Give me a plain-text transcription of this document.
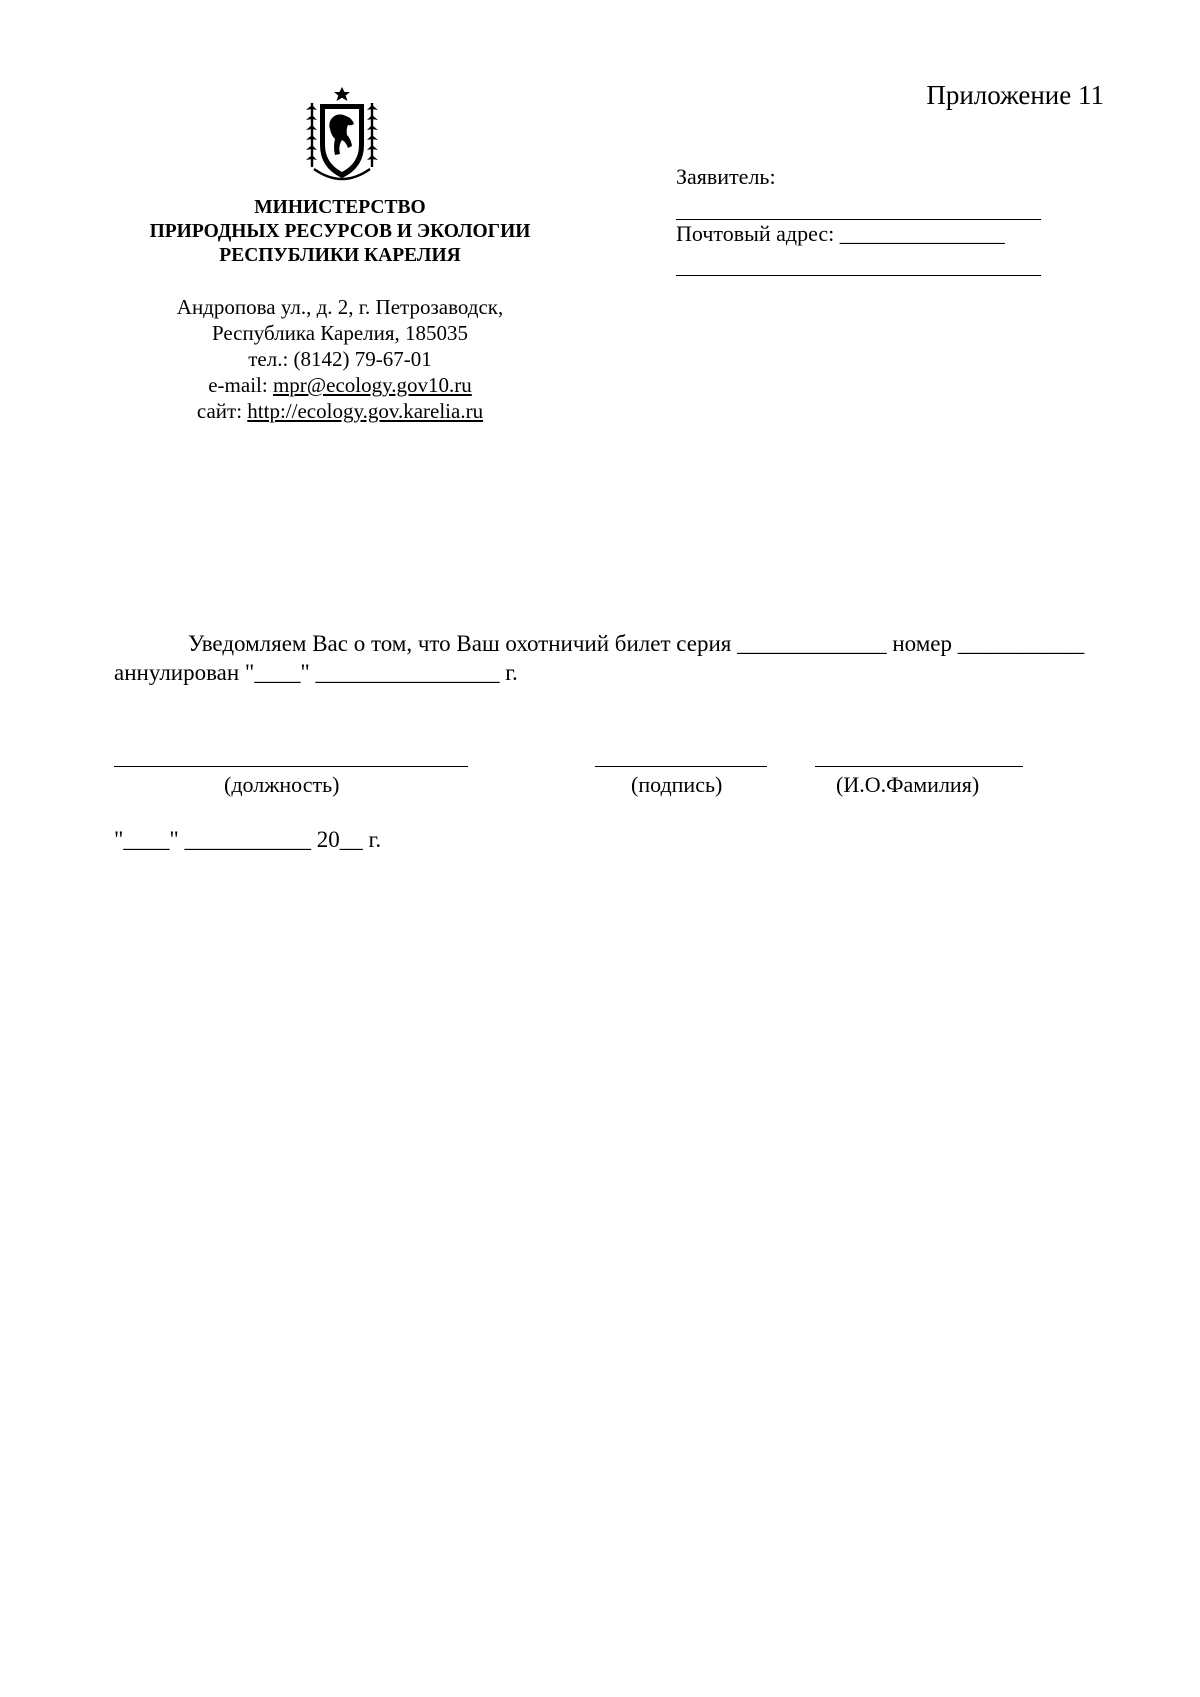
Приложение 11
МИНИСТЕРСТВО
ПРИРОДНЫХ РЕСУРСОВ И ЭКОЛОГИИ
РЕСПУБЛИКИ КАРЕЛИЯ
Андропова ул., д. 2, г. Петрозаводск,
Республика Карелия, 185035
тел.: (8142) 79-67-01
e-mail: mpr@ecology.gov10.ru
сайт: http://ecology.gov.karelia.ru
Заявитель:
Почтовый адрес: _______________
Уведомляем Вас о том, что Ваш охотничий билет серия _____________ номер ___________
аннулирован "____" ________________ г.
(должность)	(подпись)	(И.О.Фамилия)
"____" ___________ 20__ г.
